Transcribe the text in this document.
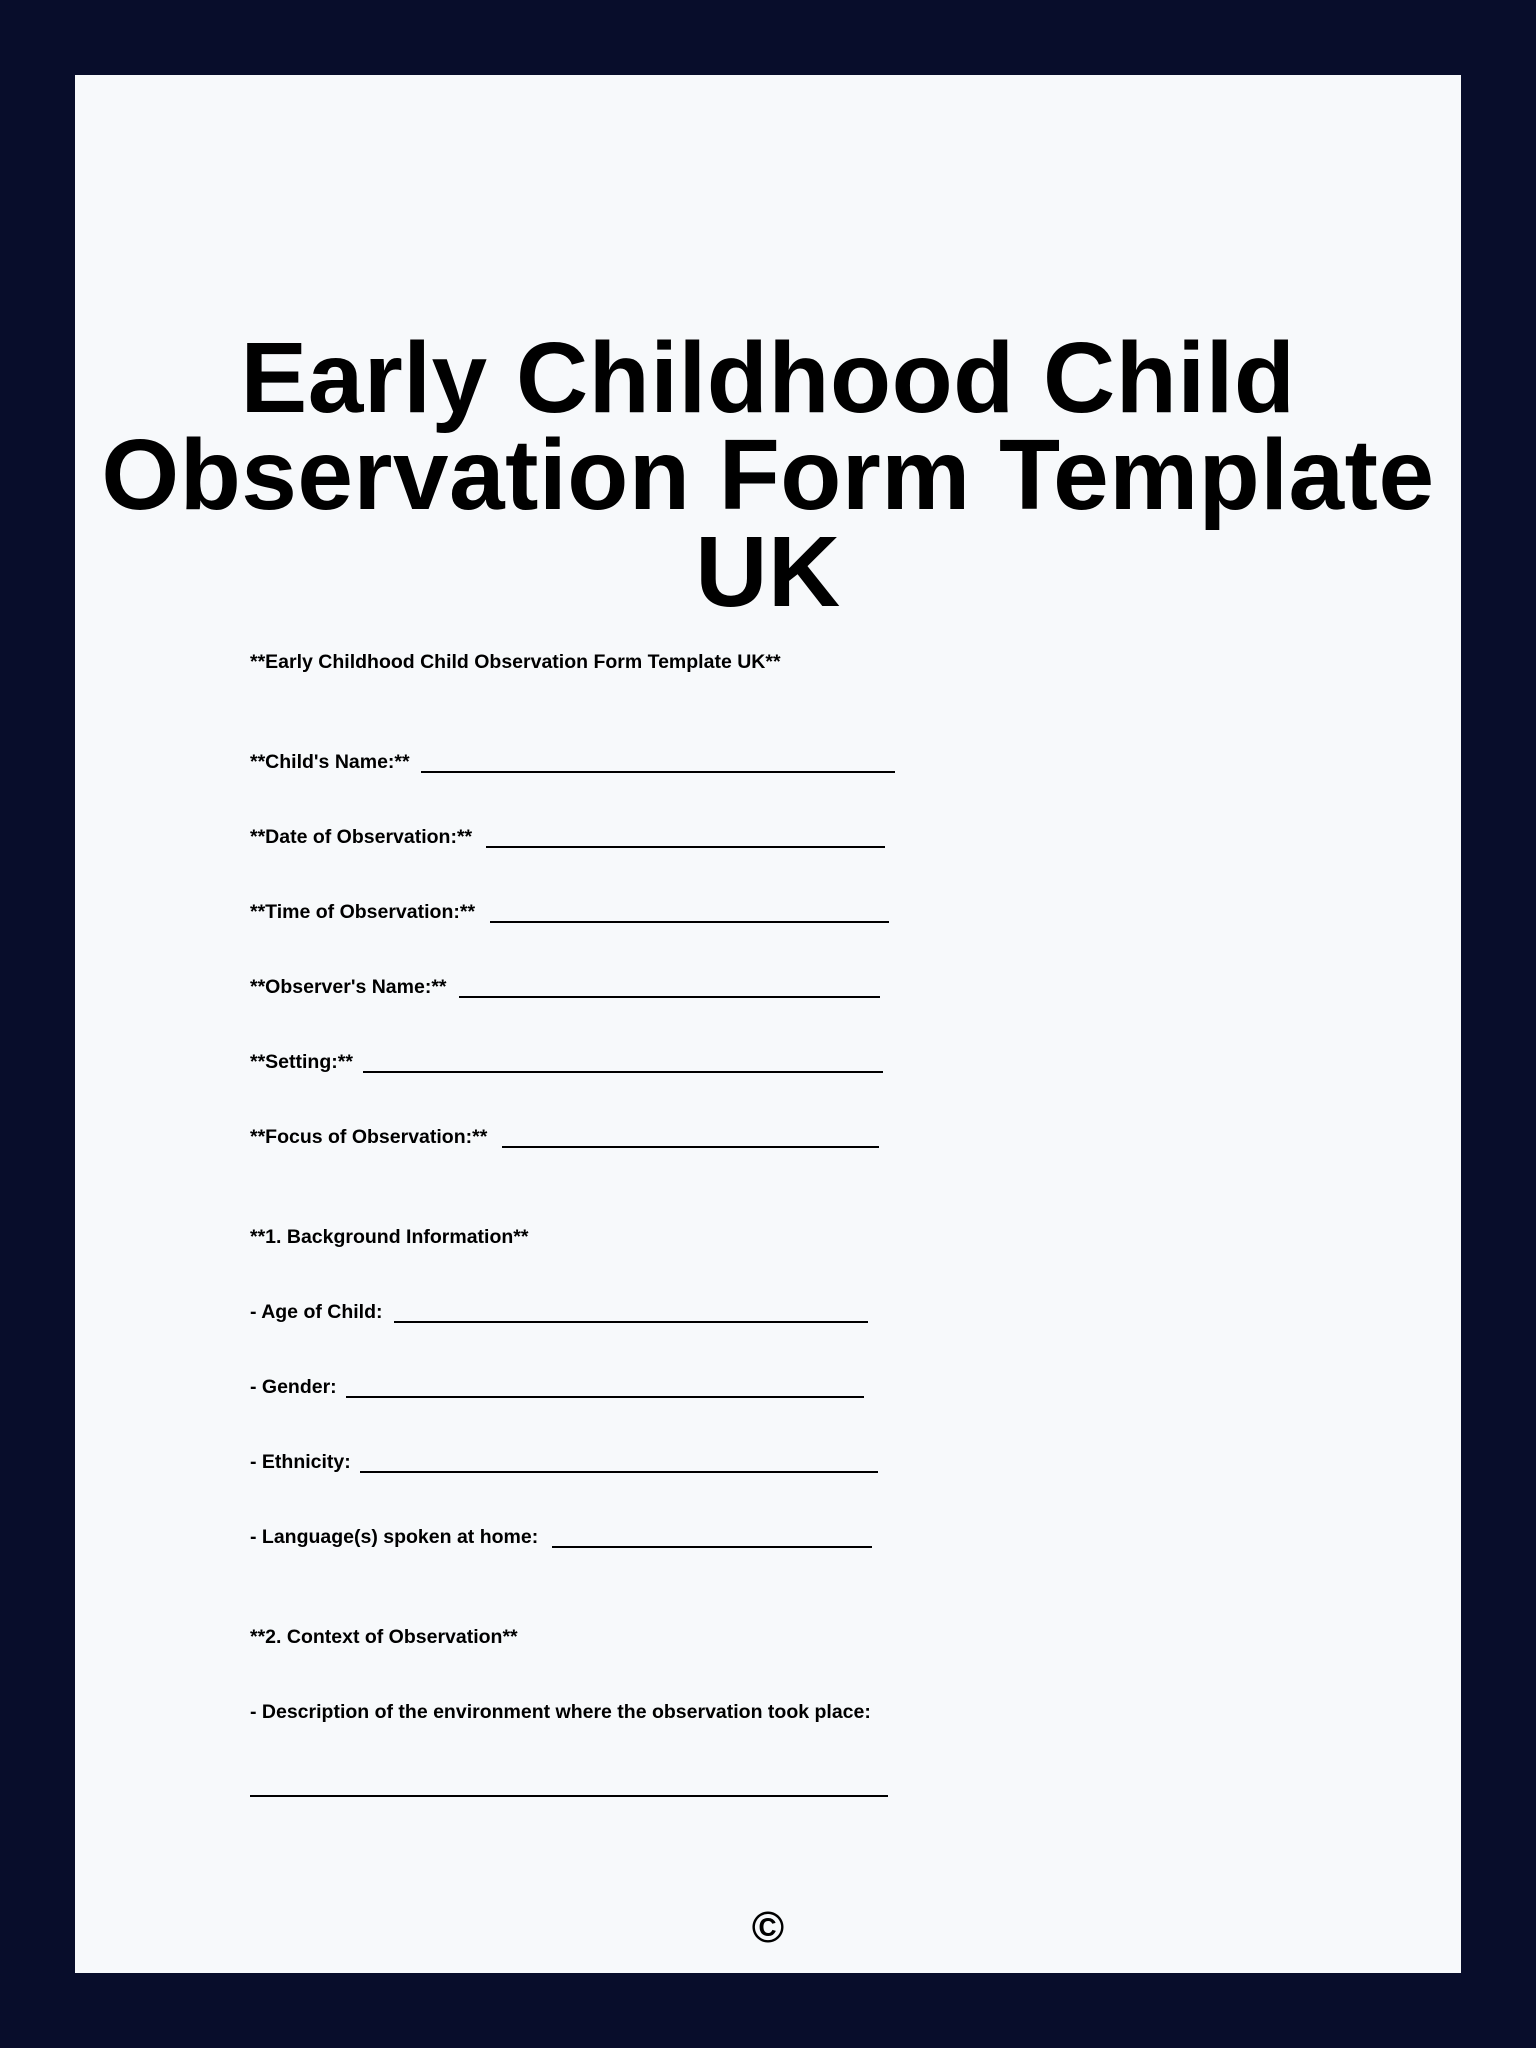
Early Childhood Child
Observation Form Template
UK
**Early Childhood Child Observation Form Template UK**
**Child's Name:**
**Date of Observation:**
**Time of Observation:**
**Observer's Name:**
**Setting:**
**Focus of Observation:**
**1. Background Information**
- Age of Child:
- Gender:
- Ethnicity:
- Language(s) spoken at home:
**2. Context of Observation**
- Description of the environment where the observation took place:
©
